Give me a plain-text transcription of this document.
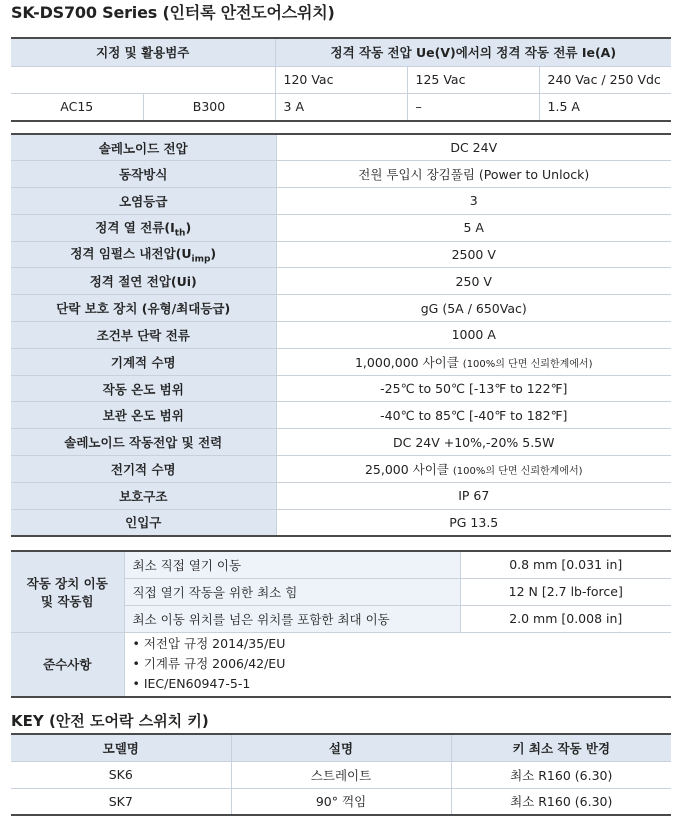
SK-DS700 Series (인터록 안전도어스위치)
지정 및 활용범주		정격 작동 전압 Ue(V)에서의 정격 작동 전류 Ie(A)		
		120 Vac	125 Vac	240 Vac / 250 Vdc
AC15	B300	3 A	–	1.5 A
솔레노이드 전압	DC 24V
동작방식	전원 투입시 장김풀림 (Power to Unlock)
오염등급	3
정격 열 전류$(I_{th})$	5 A
정격 임펄스 내전압$(U_{imp})$	2500 V
정격 절연 전압(Ui)	250 V
단락 보호 장치 (유형/최대등급)	gG (5A / 650Vac)
조건부 단락 전류	1000 A
기계적 수명	1,000,000 사이클 (100%의 단면 신뢰한계에서)
작동 온도 범위	-25℃ to 50℃ [-13℉ to 122℉]
보관 온도 범위	-40℃ to 85℃ [-40℉ to 182℉]
솔레노이드 작동전압 및 전력	DC 24V +10%,-20% 5.5W
전기적 수명	25,000 사이클 (100%의 단면 신뢰한계에서)
보호구조	IP 67
인입구	PG 13.5
작동 장치 이동
및 작동힘	최소 직접 열기 이동	0.8 mm [0.031 in]
	직접 열기 작동을 위한 최소 힘	12 N [2.7 lb-force]
	최소 이동 위치를 넘은 위치를 포함한 최대 이동	2.0 mm [0.008 in]
준수사항	• 저전압 규정 2014/35/EU
• 기계류 규정 2006/42/EU
• IEC/EN60947-5-1	
KEY (안전 도어락 스위치 키)
모델명	설명	키 최소 작동 반경
SK6	스트레이트	최소 R160 (6.30)
SK7	90° 꺽임	최소 R160 (6.30)
